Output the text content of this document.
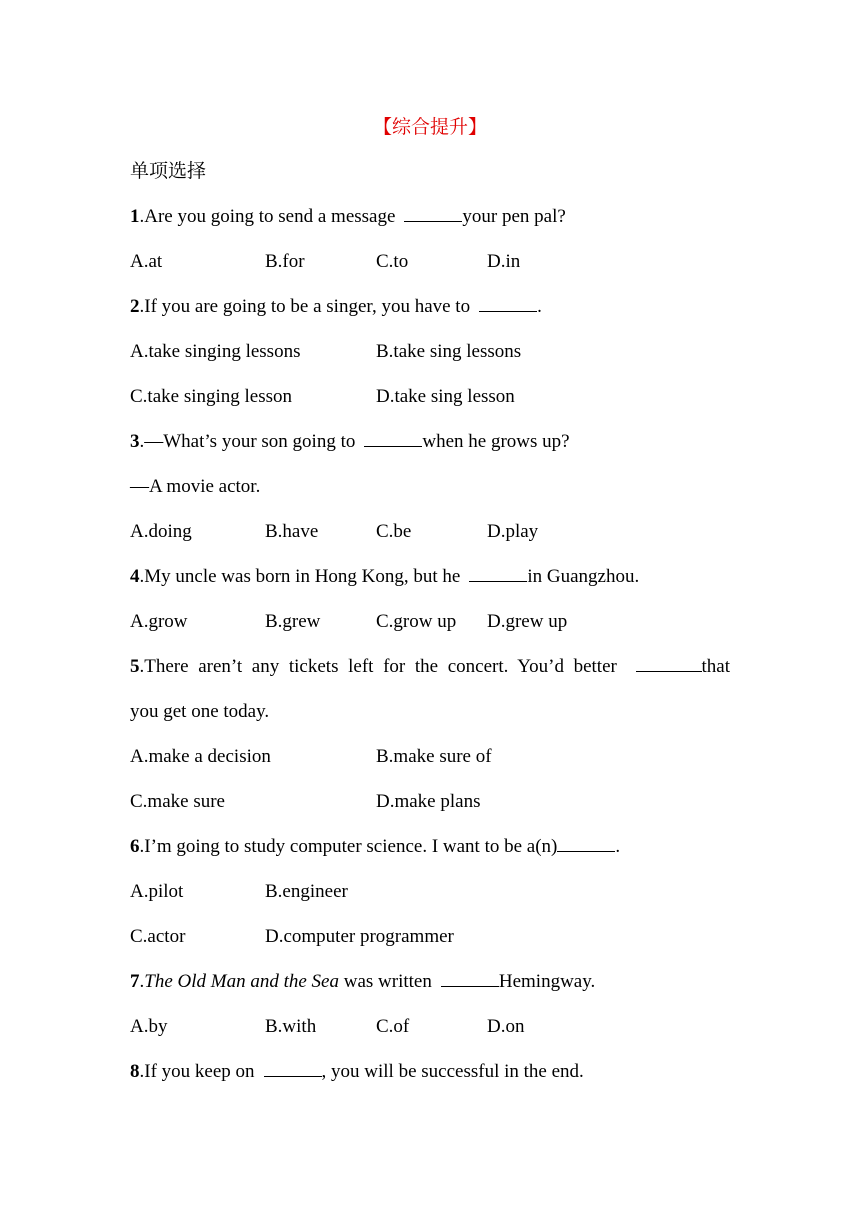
【综合提升】
单项选择
1.Are you going to send a message	your pen pal?
A.at	B.for	C.to	D.in
2.If you are going to be a singer, you have to	.
A.take singing lessons	B.take sing lessons
C.take singing lesson	D.take sing lesson
3.—What’s your son going to	when he grows up?
—A movie actor.
A.doing	B.have	C.be	D.play
4.My uncle was born in Hong Kong, but he	in Guangzhou.
A.grow	B.grew	C.grow up D.grew up
5.There aren’t any tickets left for the concert. You’d better	that
you get one today.
A.make a decision	B.make sure of
C.make sure	D.make plans
6.I’m going to study computer science. I want to be a(n)	.
A.pilot	B.engineer
C.actor	D.computer programmer
7.The Old Man and the Sea was written	Hemingway.
A.by	B.with	C.of	D.on
8.If you keep on	, you will be successful in the end.
